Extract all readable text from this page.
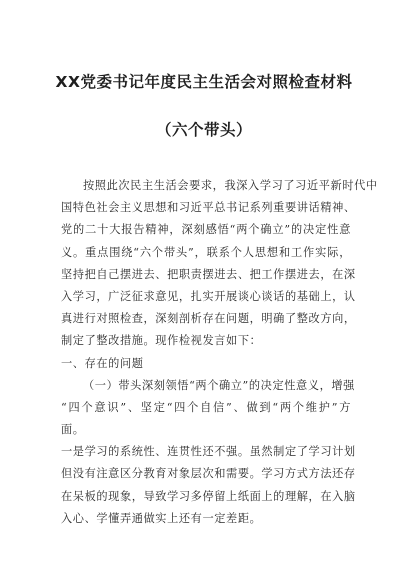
XX党委书记年度民主生活会对照检查材料
（六个带头）
按照此次民主生活会要求，我深入学习了习近平新时代中
国特色社会主义思想和习近平总书记系列重要讲话精神、
党的二十大报告精神，深刻感悟“两个确立”的决定性意
义。重点围绕“六个带头”，联系个人思想和工作实际，
坚持把自己摆进去、把职责摆进去、把工作摆进去，在深
入学习，广泛征求意见，扎实开展谈心谈话的基础上，认
真进行对照检查，深刻剖析存在问题，明确了整改方向，
制定了整改措施。现作检视发言如下：
一、存在的问题
（一）带头深刻领悟“两个确立”的决定性意义，增强
“四个意识”、坚定“四个自信”、做到“两个维护”方
面。
一是学习的系统性、连贯性还不强。虽然制定了学习计划
但没有注意区分教育对象层次和需要。学习方式方法还存
在呆板的现象，导致学习多停留上纸面上的理解，在入脑
入心、学懂弄通做实上还有一定差距。
